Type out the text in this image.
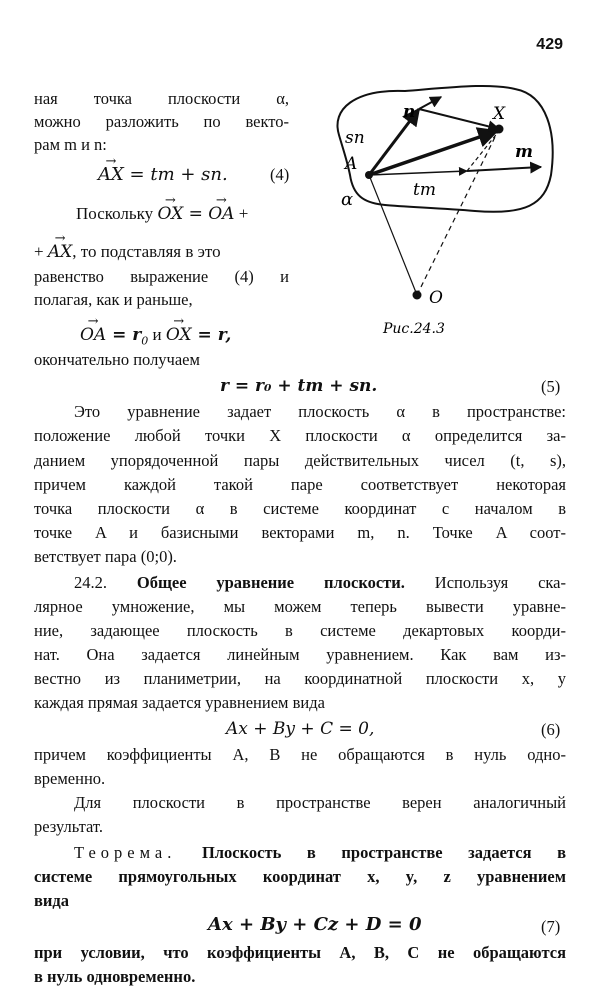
429
ная точка плоскости α,
можно разложить по векто-
рам m и n:
→ AX = tm + sn.	(4)
Поскольку → OX = → OA +
+ → AX, то подставляя в это
равенство выражение (4) и
полагая, как и раньше,
→ OA = $r_0$ и → OX = r,
окончательно получаем
r = r₀ + tm + sn.	(5)
Это уравнение задает плоскость α в пространстве:
положение любой точки X плоскости α определится за-
данием упорядоченной пары действительных чисел (t, s),
причем каждой такой паре соответствует некоторая
точка плоскости α в системе координат с началом в
точке A и базисными векторами m, n. Точке A соот-
ветствует пара (0;0).
24.2. Общее уравнение плоскости. Используя ска-
лярное умножение, мы можем теперь вывести уравне-
ние, задающее плоскость в системе декартовых коорди-
нат. Она задается линейным уравнением. Как вам из-
вестно из планиметрии, на координатной плоскости x, y
каждая прямая задается уравнением вида
Ax + By + C = 0,	(6)
причем коэффициенты A, B не обращаются в нуль одно-
временно.
Для плоскости в пространстве верен аналогичный
результат.
Теорема. Плоскость в пространстве задается в
системе прямоугольных координат x, y, z уравнением
вида
Ax + By + Cz + D = 0	(7)
при условии, что коэффициенты A, B, C не обращаются
в нуль одновременно.
sn
n	X
A
m
tm
α
O
Рис.24.3
